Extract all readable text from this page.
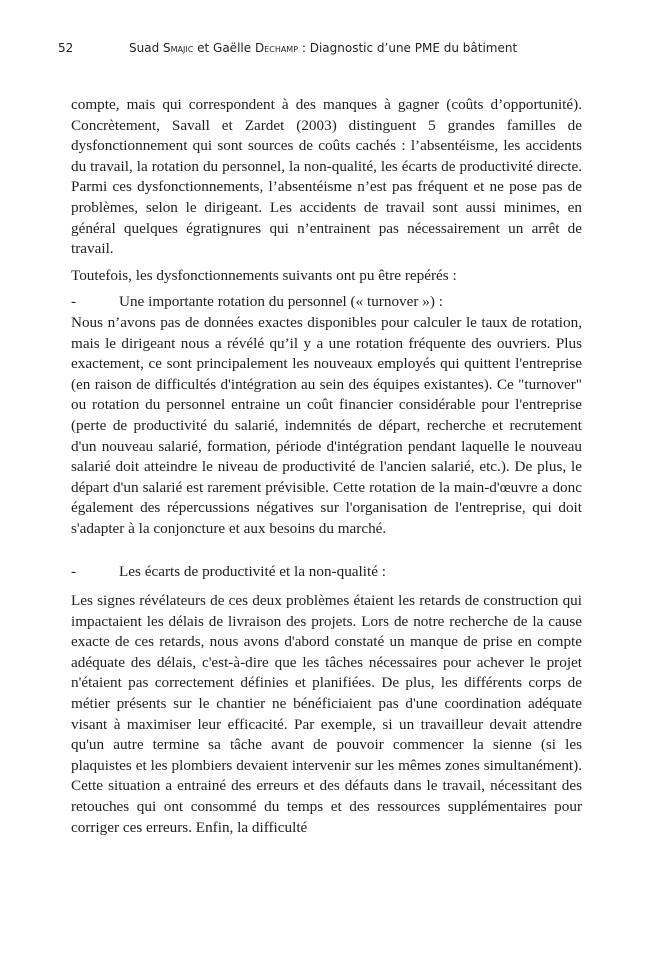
52	Suad Smajic et Gaëlle Dechamp : Diagnostic d’une PME du bâtiment

compte, mais qui correspondent à des manques à gagner (coûts d’opportunité). Concrètement, Savall et Zardet (2003) distinguent 5 grandes familles de dysfonctionnement qui sont sources de coûts cachés : l’absentéisme, les accidents du travail, la rotation du personnel, la non-qualité, les écarts de productivité directe. Parmi ces dysfonctionnements, l’absentéisme n’est pas fréquent et ne pose pas de problèmes, selon le dirigeant. Les accidents de travail sont aussi minimes, en général quelques égratignures qui n’entrainent pas nécessairement un arrêt de travail.

Toutefois, les dysfonctionnements suivants ont pu être repérés :

-	Une importante rotation du personnel (« turnover ») :

Nous n’avons pas de données exactes disponibles pour calculer le taux de rotation, mais le dirigeant nous a révélé qu’il y a une rotation fréquente des ouvriers. Plus exactement, ce sont principalement les nouveaux employés qui quittent l'entreprise (en raison de difficultés d'intégration au sein des équipes existantes). Ce "turnover" ou rotation du personnel entraine un coût financier considérable pour l'entreprise (perte de productivité du salarié, indemnités de départ, recherche et recrutement d'un nouveau salarié, formation, période d'intégration pendant laquelle le nouveau salarié doit atteindre le niveau de productivité de l'ancien salarié, etc.). De plus, le départ d'un salarié est rarement prévisible. Cette rotation de la main-d'œuvre a donc également des répercussions négatives sur l'organisation de l'entreprise, qui doit s'adapter à la conjoncture et aux besoins du marché.

-	Les écarts de productivité et la non-qualité :

Les signes révélateurs de ces deux problèmes étaient les retards de construction qui impactaient les délais de livraison des projets. Lors de notre recherche de la cause exacte de ces retards, nous avons d'abord constaté un manque de prise en compte adéquate des délais, c'est-à-dire que les tâches nécessaires pour achever le projet n'étaient pas correctement définies et planifiées. De plus, les différents corps de métier présents sur le chantier ne bénéficiaient pas d'une coordination adéquate visant à maximiser leur efficacité. Par exemple, si un travailleur devait attendre qu'un autre termine sa tâche avant de pouvoir commencer la sienne (si les plaquistes et les plombiers devaient intervenir sur les mêmes zones simultanément). Cette situation a entrainé des erreurs et des défauts dans le travail, nécessitant des retouches qui ont consommé du temps et des ressources supplémentaires pour corriger ces erreurs. Enfin, la difficulté
